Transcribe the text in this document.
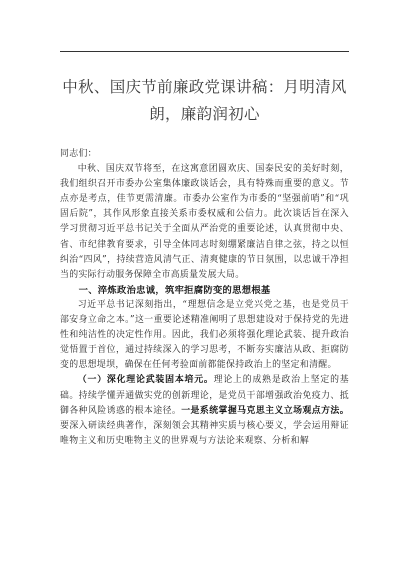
中秋、国庆节前廉政党课讲稿：月明清风朗，廉韵润初心

同志们：

中秋、国庆双节将至，在这寓意团圆欢庆、国泰民安的美好时刻，我们组织召开市委办公室集体廉政谈话会，具有特殊而重要的意义。节点亦是考点，佳节更需清廉。市委办公室作为市委的“坚强前哨”和“巩固后院”，其作风形象直接关系市委权威和公信力。此次谈话旨在深入学习贯彻习近平总书记关于全面从严治党的重要论述，认真贯彻中央、省、市纪律教育要求，引导全体同志时刻绷紧廉洁自律之弦，持之以恒纠治“四风”，持续营造风清气正、清爽健康的节日氛围，以忠诚干净担当的实际行动服务保障全市高质量发展大局。

一、淬炼政治忠诚，筑牢拒腐防变的思想根基

习近平总书记深刻指出，“理想信念是立党兴党之基，也是党员干部安身立命之本。”这一重要论述精准阐明了思想建设对于保持党的先进性和纯洁性的决定性作用。因此，我们必须将强化理论武装、提升政治觉悟置于首位，通过持续深入的学习思考，不断夯实廉洁从政、拒腐防变的思想堤坝，确保在任何考验面前都能保持政治上的坚定和清醒。

（一）深化理论武装固本培元。理论上的成熟是政治上坚定的基础。持续学懂弄通做实党的创新理论，是党员干部增强政治免疫力、抵御各种风险诱惑的根本途径。一是系统掌握马克思主义立场观点方法。要深入研读经典著作，深刻领会其精神实质与核心要义，学会运用辩证唯物主义和历史唯物主义的世界观与方法论来观察、分析和解
